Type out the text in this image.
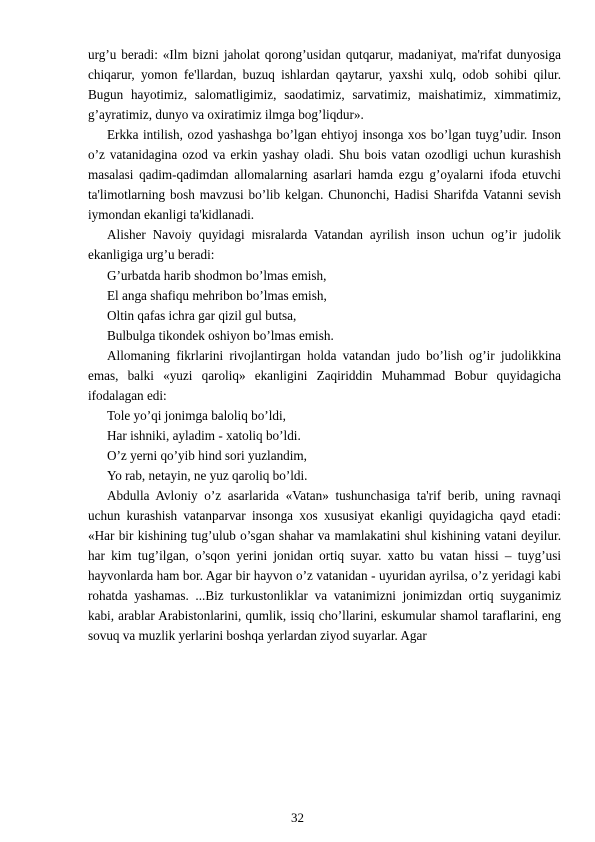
urg’u beradi: «Ilm bizni jaholat qorong’usidan qutqarur, madaniyat, ma'rifat dunyosiga chiqarur, yomon fe'llardan, buzuq ishlardan qaytarur, yaxshi xulq, odob sohibi qilur. Bugun hayotimiz, salomatligimiz, saodatimiz, sarvatimiz, maishatimiz, ximmatimiz, g’ayratimiz, dunyo va oxiratimiz ilmga bog’liqdur».

Erkka intilish, ozod yashashga bo’lgan ehtiyoj insonga xos bo’lgan tuyg’udir. Inson o’z vatanidagina ozod va erkin yashay oladi. Shu bois vatan ozodligi uchun kurashish masalasi qadim-qadimdan allomalarning asarlari hamda ezgu g’oyalarni ifoda etuvchi ta'limotlarning bosh mavzusi bo’lib kelgan. Chunonchi, Hadisi Sharifda Vatanni sevish iymondan ekanligi ta'kidlanadi.

Alisher Navoiy quyidagi misralarda Vatandan ayrilish inson uchun og’ir judolik ekanligiga urg’u beradi:

G’urbatda harib shodmon bo’lmas emish,

El anga shafiqu mehribon bo’lmas emish,

Oltin qafas ichra gar qizil gul butsa,

Bulbulga tikondek oshiyon bo’lmas emish.

Allomaning fikrlarini rivojlantirgan holda vatandan judo bo’lish og’ir judolikkina emas, balki «yuzi qaroliq» ekanligini Zaqiriddin Muhammad Bobur quyidagicha ifodalagan edi:

Tole yo’qi jonimga baloliq bo’ldi,

Har ishniki, ayladim - xatoliq bo’ldi.

O’z yerni qo’yib hind sori yuzlandim,

Yo rab, netayin, ne yuz qaroliq bo’ldi.

Abdulla Avloniy o’z asarlarida «Vatan» tushunchasiga ta'rif berib, uning ravnaqi uchun kurashish vatanparvar insonga xos xususiyat ekanligi quyidagicha qayd etadi: «Har bir kishining tug’ulub o’sgan shahar va mamlakatini shul kishining vatani deyilur. har kim tug’ilgan, o’sqon yerini jonidan ortiq suyar. xatto bu vatan hissi – tuyg’usi hayvonlarda ham bor. Agar bir hayvon o’z vatanidan - uyuridan ayrilsa, o’z yeridagi kabi rohatda yashamas. ...Biz turkustonliklar va vatanimizni jonimizdan ortiq suyganimiz kabi, arablar Arabistonlarini, qumlik, issiq cho’llarini, eskumular shamol taraflarini, eng sovuq va muzlik yerlarini boshqa yerlardan ziyod suyarlar. Agar

32
